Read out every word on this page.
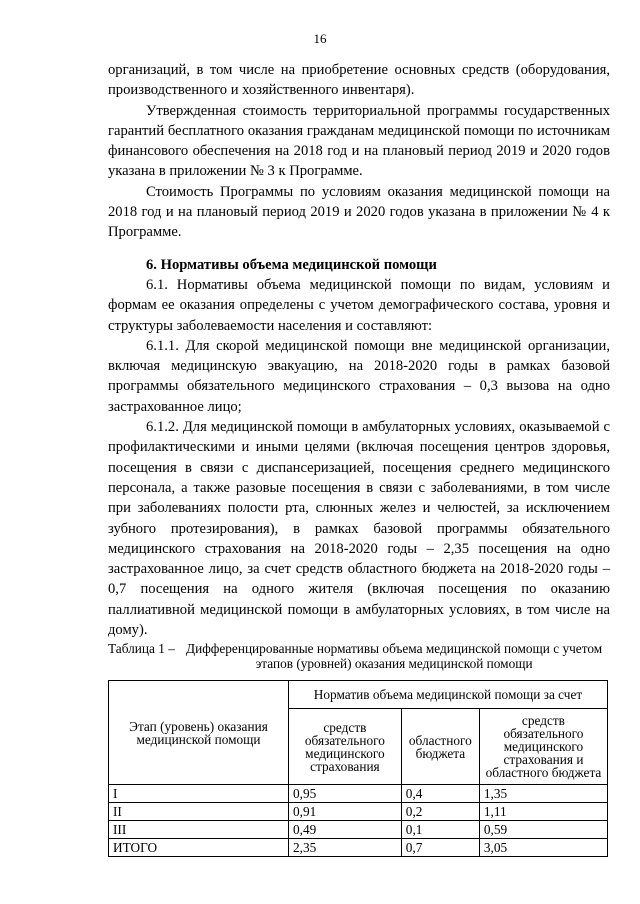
16

организаций, в том числе на приобретение основных средств (оборудования, производственного и хозяйственного инвентаря).

Утвержденная стоимость территориальной программы государственных гарантий бесплатного оказания гражданам медицинской помощи по источникам финансового обеспечения на 2018 год и на плановый период 2019 и 2020 годов указана в приложении № 3 к Программе.

Стоимость Программы по условиям оказания медицинской помощи на 2018 год и на плановый период 2019 и 2020 годов указана в приложении № 4 к Программе.

6. Нормативы объема медицинской помощи

6.1. Нормативы объема медицинской помощи по видам, условиям и формам ее оказания определены с учетом демографического состава, уровня и структуры заболеваемости населения и составляют:

6.1.1. Для скорой медицинской помощи вне медицинской организации, включая медицинскую эвакуацию, на 2018-2020 годы в рамках базовой программы обязательного медицинского страхования – 0,3 вызова на одно застрахованное лицо;

6.1.2. Для медицинской помощи в амбулаторных условиях, оказываемой с профилактическими и иными целями (включая посещения центров здоровья, посещения в связи с диспансеризацией, посещения среднего медицинского персонала, а также разовые посещения в связи с заболеваниями, в том числе при заболеваниях полости рта, слюнных желез и челюстей, за исключением зубного протезирования), в рамках базовой программы обязательного медицинского страхования на 2018-2020 годы – 2,35 посещения на одно застрахованное лицо, за счет средств областного бюджета на 2018-2020 годы – 0,7 посещения на одного жителя (включая посещения по оказанию паллиативной медицинской помощи в амбулаторных условиях, в том числе на дому).

Таблица 1 – Дифференцированные нормативы объема медицинской помощи с учетом этапов (уровней) оказания медицинской помощи
Этап (уровень) оказания медицинской помощи	Норматив объема медицинской помощи за счет		
	средств обязательного медицинского страхования	областного бюджета	средств обязательного медицинского страхования и областного бюджета
I	0,95	0,4	1,35
II	0,91	0,2	1,11
III	0,49	0,1	0,59
ИТОГО	2,35	0,7	3,05
